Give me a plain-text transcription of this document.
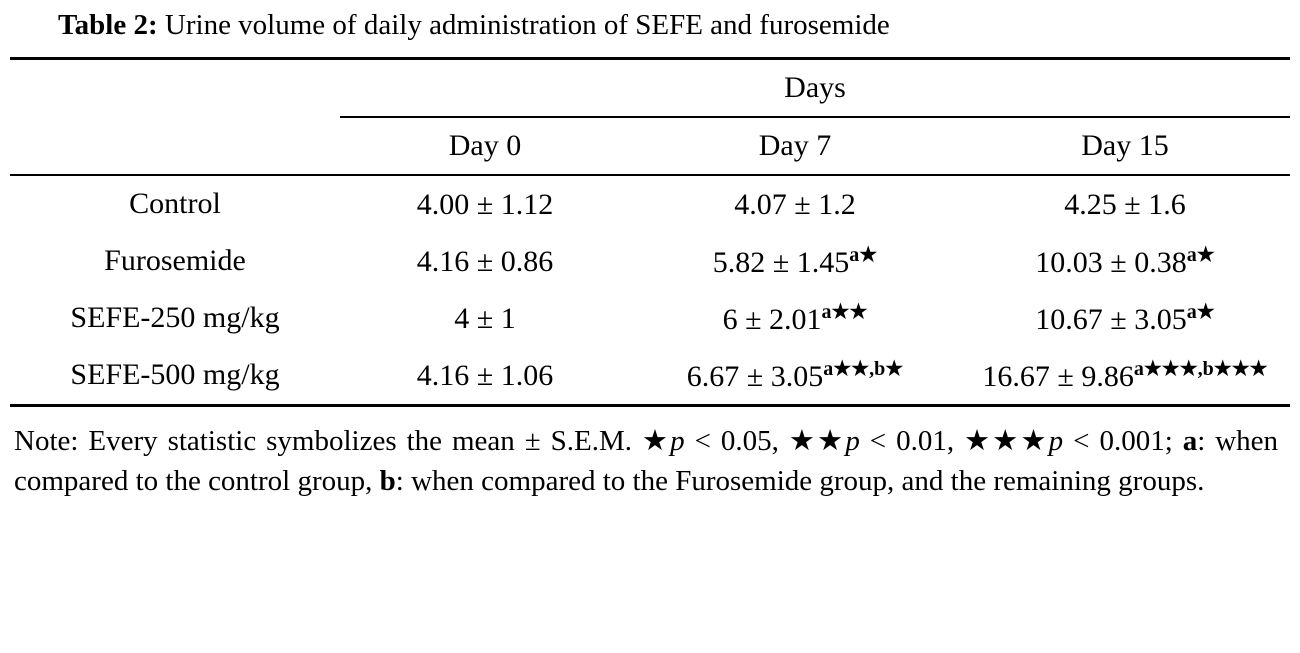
Table 2: Urine volume of daily administration of SEFE and furosemide

	Days		

	Day 0	Day 7	Day 15

Control	4.00 ± 1.12	4.07 ± 1.2	4.25 ± 1.6
Furosemide	4.16 ± 0.86	$5.82 \pm 1.45^{a★}$	$10.03 \pm 0.38^{a★}$
SEFE-250 mg/kg	4 ± 1	$6 \pm 2.01^{a★★}$	$10.67 \pm 3.05^{a★}$
SEFE-500 mg/kg	4.16 ± 1.06	$6.67 \pm 3.05^{a★★,b★}$	$16.67 \pm 9.86^{a★★★,b★★★}$

Note: Every statistic symbolizes the mean ± S.E.M. ★p < 0.05, ★★p < 0.01, ★★★p < 0.001; a: when compared to the control group, b: when compared to the Furosemide group, and the remaining groups.
